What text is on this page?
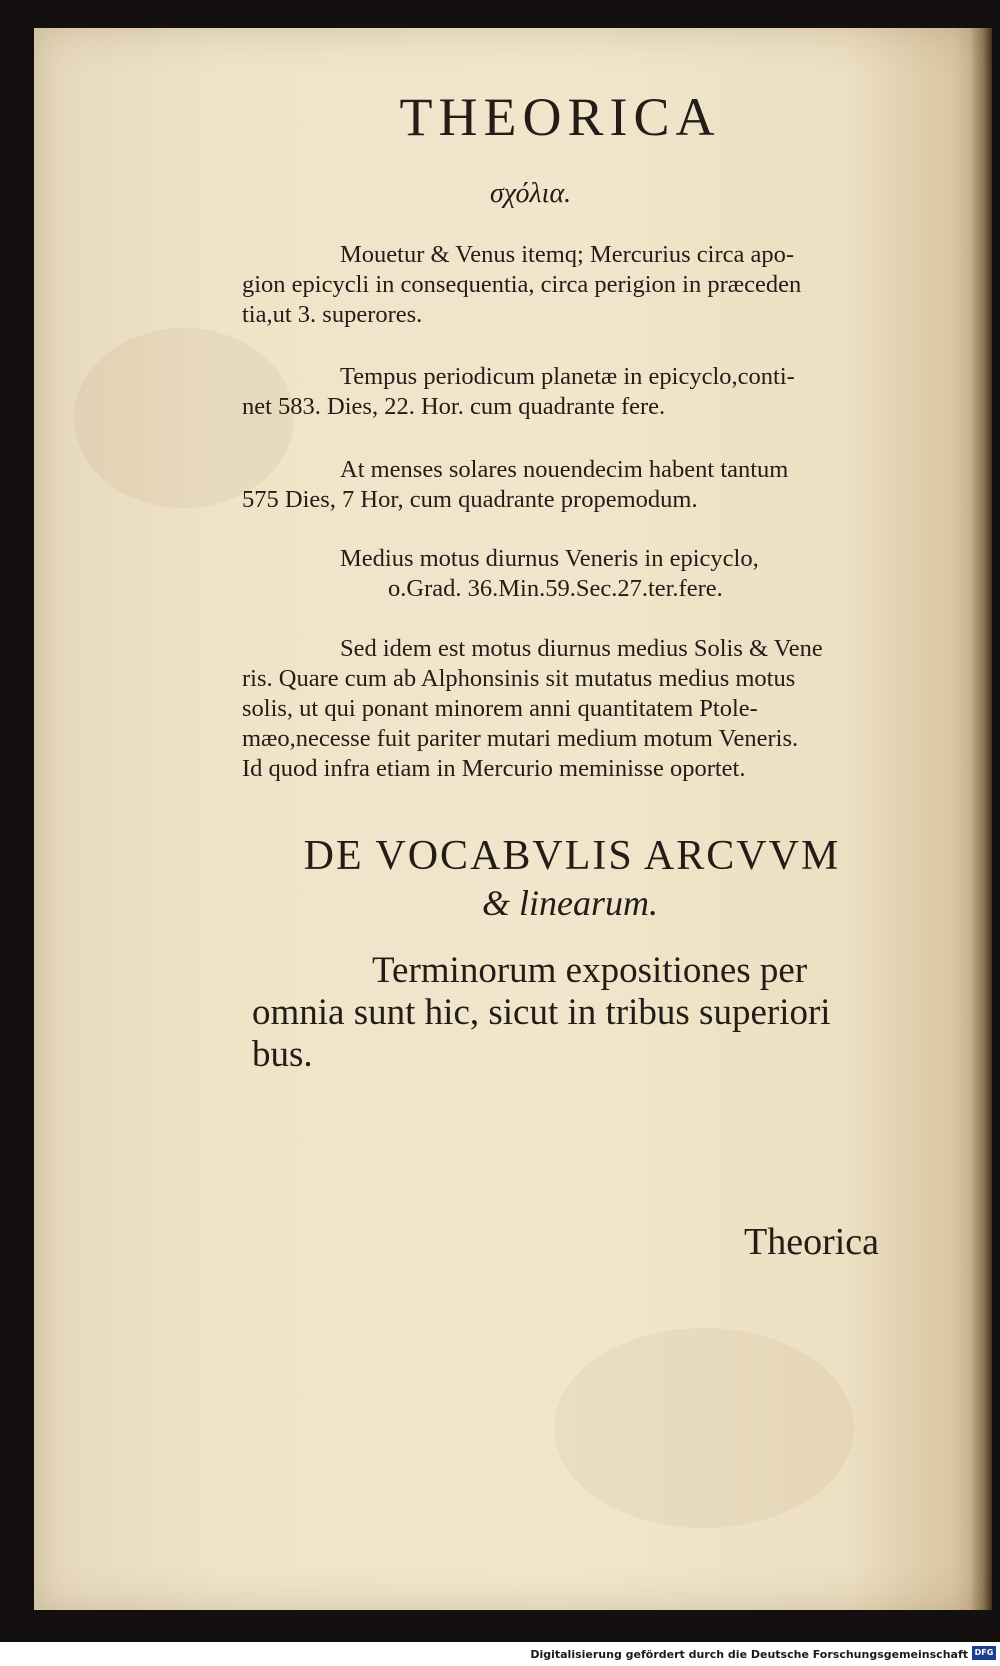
THEORICA
σχόλια.
Mouetur & Venus itemq; Mercurius circa apo-
gion epicycli in consequentia, circa perigion in præceden
tia,ut 3. superores.
Tempus periodicum planetæ in epicyclo,conti-
net 583. Dies, 22. Hor. cum quadrante fere.
At menses solares nouendecim habent tantum
575 Dies, 7 Hor, cum quadrante propemodum.
Medius motus diurnus Veneris in epicyclo,
o.Grad. 36.Min.59.Sec.27.ter.fere.
Sed idem est motus diurnus medius Solis & Vene
ris. Quare cum ab Alphonsinis sit mutatus medius motus
solis, ut qui ponant minorem anni quantitatem Ptole-
mæo,necesse fuit pariter mutari medium motum Veneris.
Id quod infra etiam in Mercurio meminisse oportet.
DE VOCABVLIS ARCVVM
& linearum.
Terminorum expositiones per
omnia sunt hic, sicut in tribus superiori
bus.
Theorica
Digitalisierung gefördert durch die Deutsche Forschungsgemeinschaft DFG
